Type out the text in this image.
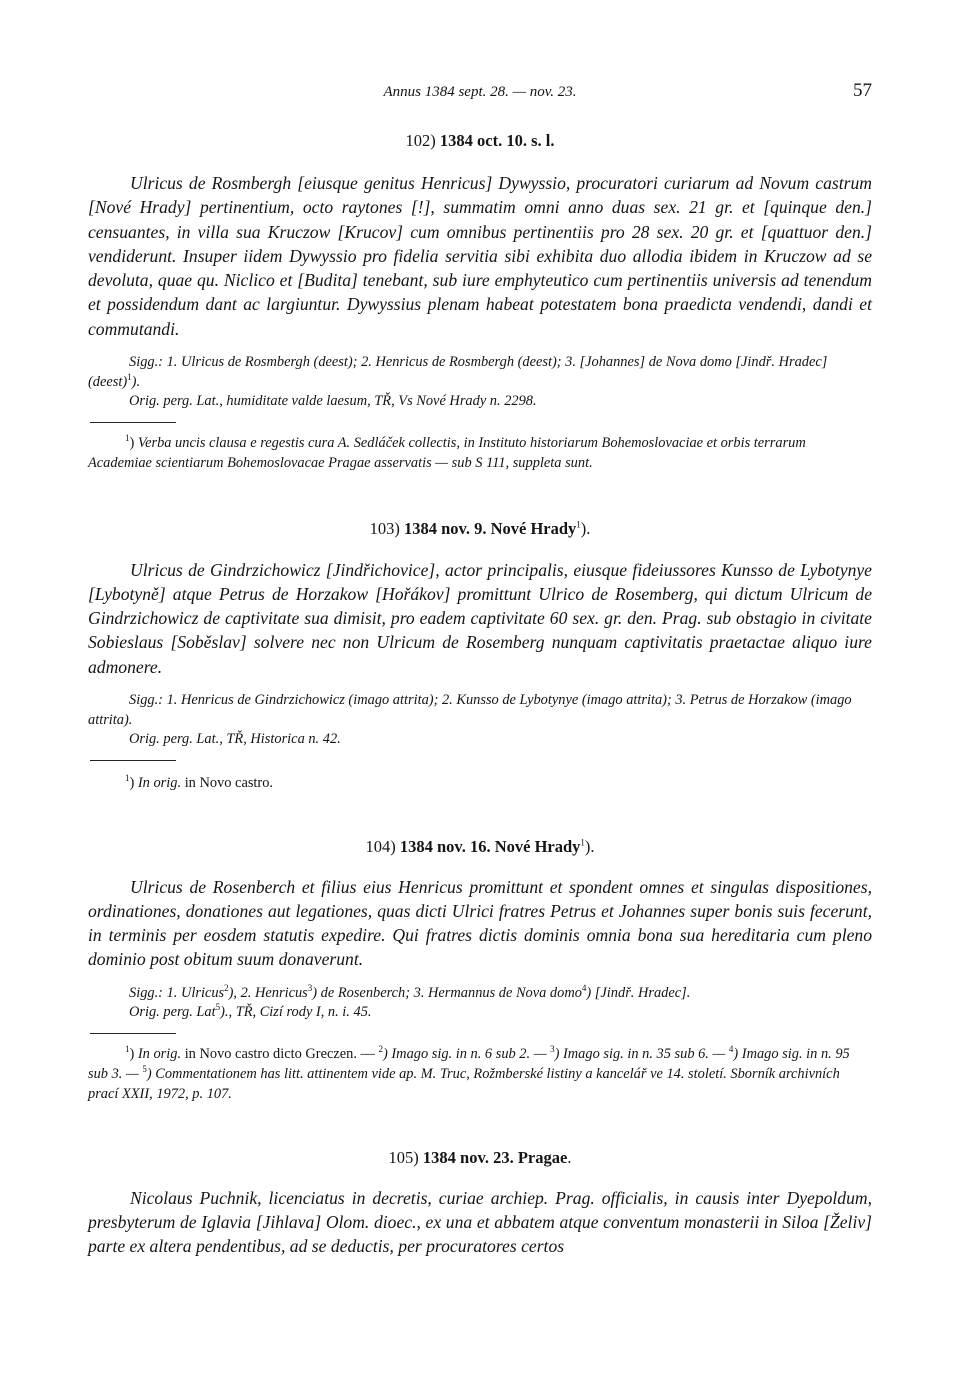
Annus 1384 sept. 28. — nov. 23.	57

102) 1384 oct. 10. s. l.

Ulricus de Rosmbergh [eiusque genitus Henricus] Dywyssio, procuratori curiarum ad Novum castrum [Nové Hrady] pertinentium, octo raytones [!], summatim omni anno duas sex. 21 gr. et [quinque den.] censuantes, in villa sua Kruczow [Krucov] cum omnibus pertinentiis pro 28 sex. 20 gr. et [quattuor den.] vendiderunt. Insuper iidem Dywyssio pro fidelia servitia sibi exhibita duo allodia ibidem in Kruczow ad se devoluta, quae qu. Niclico et [Budita] tenebant, sub iure emphyteutico cum pertinentiis universis ad tenendum et possidendum dant ac largiuntur. Dywyssius plenam habeat potestatem bona praedicta vendendi, dandi et commutandi.

Sigg.: 1. Ulricus de Rosmbergh (deest); 2. Henricus de Rosmbergh (deest); 3. [Johannes] de Nova domo [Jindř. Hradec] (deest)$^1$).

Orig. perg. Lat., humiditate valde laesum, TŘ, Vs Nové Hrady n. 2298.

$^1$) Verba uncis clausa e regestis cura A. Sedláček collectis, in Instituto historiarum Bohemoslovaciae et orbis terrarum Academiae scientiarum Bohemoslovacae Pragae asservatis — sub S 111, suppleta sunt.

103) 1384 nov. 9. Nové Hrady$^1$).

Ulricus de Gindrzichowicz [Jindřichovice], actor principalis, eiusque fideiussores Kunsso de Lybotynye [Lybotyně] atque Petrus de Horzakow [Hořákov] promittunt Ulrico de Rosemberg, qui dictum Ulricum de Gindrzichowicz de captivitate sua dimisit, pro eadem captivitate 60 sex. gr. den. Prag. sub obstagio in civitate Sobieslaus [Soběslav] solvere nec non Ulricum de Rosemberg nunquam captivitatis praetactae aliquo iure admonere.

Sigg.: 1. Henricus de Gindrzichowicz (imago attrita); 2. Kunsso de Lybotynye (imago attrita); 3. Petrus de Horzakow (imago attrita).

Orig. perg. Lat., TŘ, Historica n. 42.

$^1$) In orig. in Novo castro.

104) 1384 nov. 16. Nové Hrady$^1$).

Ulricus de Rosenberch et filius eius Henricus promittunt et spondent omnes et singulas dispositiones, ordinationes, donationes aut legationes, quas dicti Ulrici fratres Petrus et Johannes super bonis suis fecerunt, in terminis per eosdem statutis expedire. Qui fratres dictis dominis omnia bona sua hereditaria cum pleno dominio post obitum suum donaverunt.

Sigg.: 1. Ulricus$^2$), 2. Henricus$^3$) de Rosenberch; 3. Hermannus de Nova domo$^4$) [Jindř. Hradec].

Orig. perg. Lat$^5$)., TŘ, Cizí rody I, n. i. 45.

$^1$) In orig. in Novo castro dicto Greczen. — $^2$) Imago sig. in n. 6 sub 2. — $^3$) Imago sig. in n. 35 sub 6. — $^4$) Imago sig. in n. 95 sub 3. — $^5$) Commentationem has litt. attinentem vide ap. M. Truc, Rožmberské listiny a kancelář ve 14. století. Sborník archivních prací XXII, 1972, p. 107.

105) 1384 nov. 23. Pragae.

Nicolaus Puchnik, licenciatus in decretis, curiae archiep. Prag. officialis, in causis inter Dyepoldum, presbyterum de Iglavia [Jihlava] Olom. dioec., ex una et abbatem atque conventum monasterii in Siloa [Želiv] parte ex altera pendentibus, ad se deductis, per procuratores certos
